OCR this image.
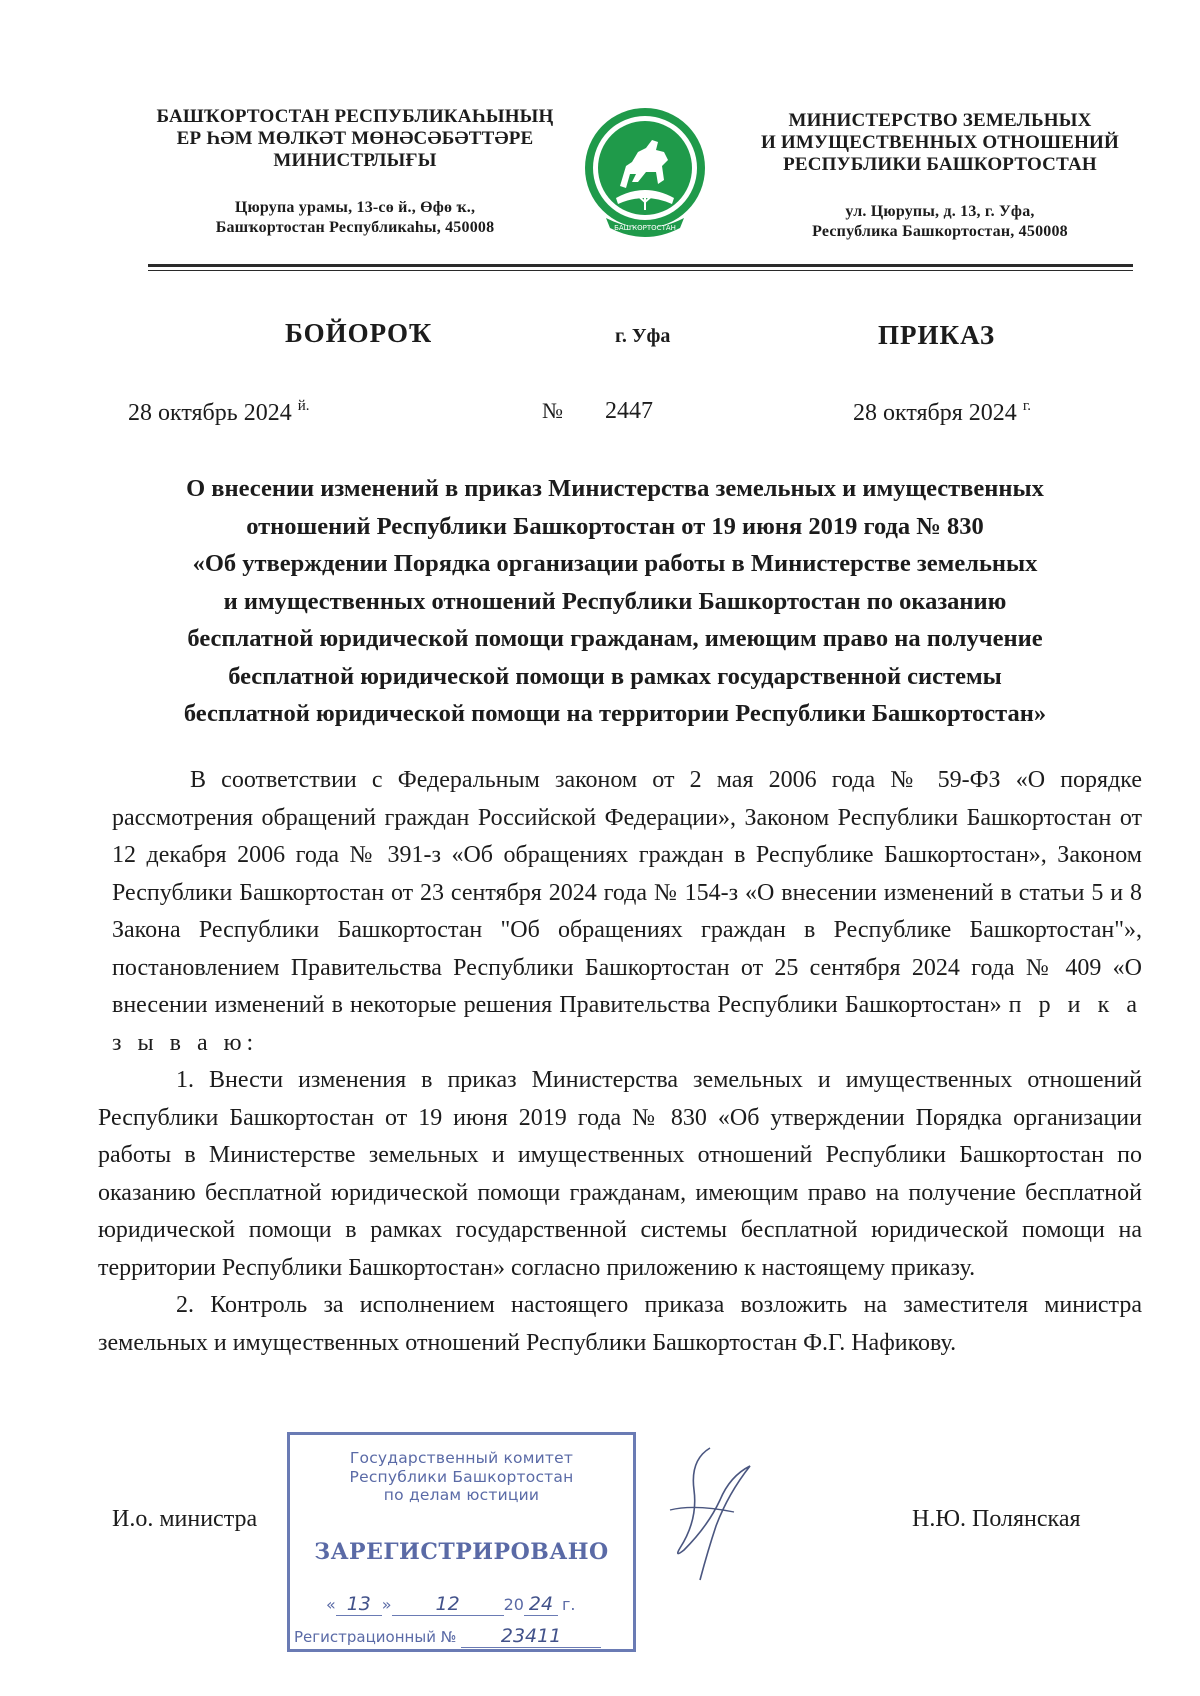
БАШҠОРТОСТАН РЕСПУБЛИКАҺЫНЫҢ
ЕР ҺӘМ МӨЛКӘТ МӨНӘСӘБӘТТӘРЕ
МИНИСТРЛЫҒЫ
Цюрупа урамы, 13-сө й., Өфө ҡ.,
Башҡортостан Республикаһы, 450008	БАШҠОРТОСТАН
МИНИСТЕРСТВО ЗЕМЕЛЬНЫХ
И ИМУЩЕСТВЕННЫХ ОТНОШЕНИЙ
РЕСПУБЛИКИ БАШКОРТОСТАН
ул. Цюрупы, д. 13, г. Уфа,
Республика Башкортостан, 450008
БОЙОРОҠ	г. Уфа	ПРИКАЗ
28 октябрь 2024 $^{й.}$	№ 2447	28 октября 2024 $^{г.}$
О внесении изменений в приказ Министерства земельных и имущественных
отношений Республики Башкортостан от 19 июня 2019 года № 830
«Об утверждении Порядка организации работы в Министерстве земельных
и имущественных отношений Республики Башкортостан по оказанию
бесплатной юридической помощи гражданам, имеющим право на получение
бесплатной юридической помощи в рамках государственной системы
бесплатной юридической помощи на территории Республики Башкортостан»

В соответствии с Федеральным законом от 2 мая 2006 года № 59-ФЗ «О порядке рассмотрения обращений граждан Российской Федерации», Законом Республики Башкортостан от 12 декабря 2006 года № 391-з «Об обращениях граждан в Республике Башкортостан», Законом Республики Башкортостан от 23 сентября 2024 года № 154-з «О внесении изменений в статьи 5 и 8 Закона Республики Башкортостан "Об обращениях граждан в Республике Башкортостан"», постановлением Правительства Республики Башкортостан от 25 сентября 2024 года № 409 «О внесении изменений в некоторые решения Правительства Республики Башкортостан» п р и к а з ы в а ю:

1. Внести изменения в приказ Министерства земельных и имущественных отношений Республики Башкортостан от 19 июня 2019 года № 830 «Об утверждении Порядка организации работы в Министерстве земельных и имущественных отношений Республики Башкортостан по оказанию бесплатной юридической помощи гражданам, имеющим право на получение бесплатной юридической помощи в рамках государственной системы бесплатной юридической помощи на территории Республики Башкортостан» согласно приложению к настоящему приказу.

2. Контроль за исполнением настоящего приказа возложить на заместителя министра земельных и имущественных отношений Республики Башкортостан Ф.Г. Нафикову.

И.о. министра	Н.Ю. Полянская
Государственный комитет
Республики Башкортостан
по делам юстиции
ЗАРЕГИСТРИРОВАНО
« 13 » 12	20 24 г.
Регистрационный № 23411
